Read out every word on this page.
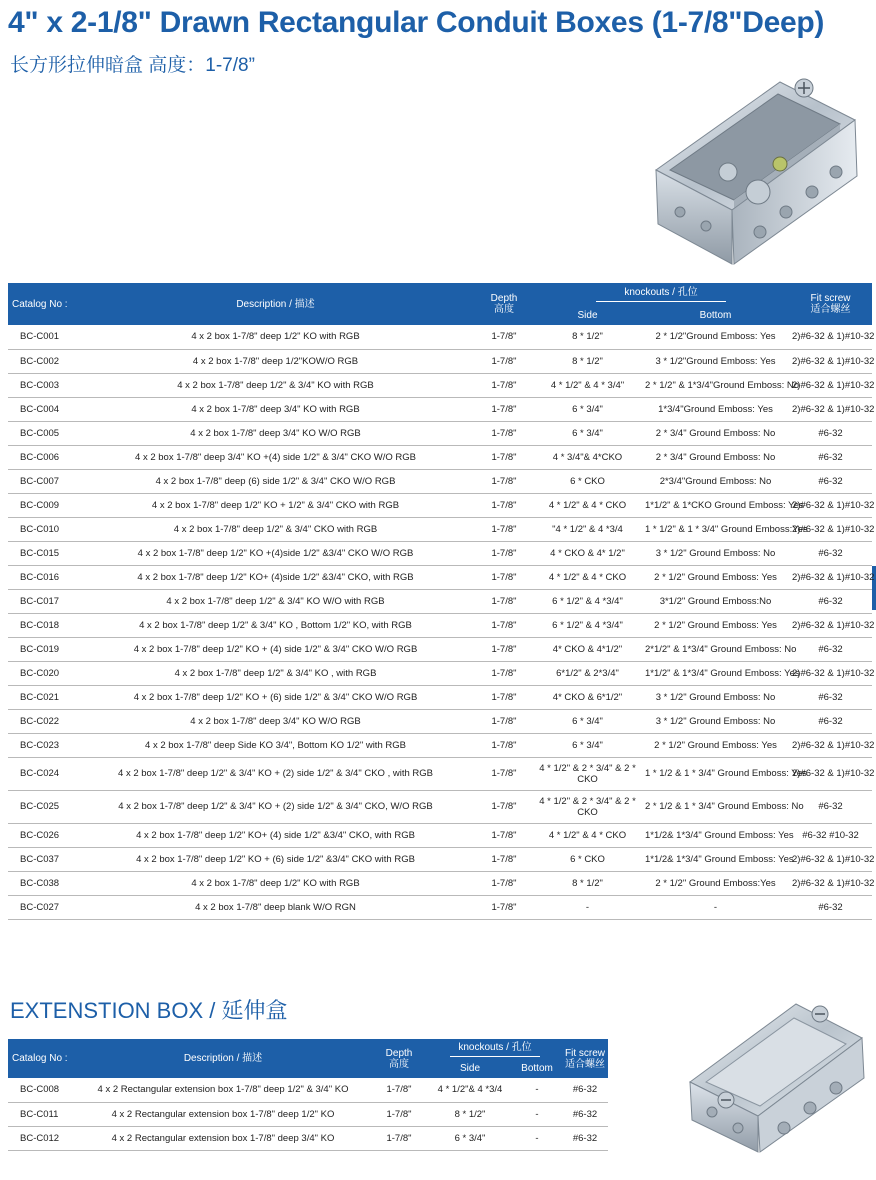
4" x 2-1/8" Drawn Rectangular Conduit Boxes (1-7/8"Deep)
长方形拉伸暗盒 高度：1-7/8”
Catalog No :	Description / 描述	Depth
高度	knockouts / 孔位		Fit screw
适合螺丝
			Side	Bottom	
BC-C001	4 x 2 box 1-7/8" deep 1/2" KO with RGB	1-7/8"	8 * 1/2"	2 * 1/2"Ground Emboss: Yes	2)#6-32 & 1)#10-32
BC-C002	4 x 2 box 1-7/8" deep 1/2"KOW/O RGB	1-7/8"	8 * 1/2"	3 * 1/2"Ground Emboss: Yes	2)#6-32 & 1)#10-32
BC-C003	4 x 2 box 1-7/8" deep 1/2" & 3/4" KO with RGB	1-7/8"	4 * 1/2" & 4 * 3/4"	2 * 1/2" & 1*3/4"Ground Emboss: No	2)#6-32 & 1)#10-32
BC-C004	4 x 2 box 1-7/8" deep 3/4" KO with RGB	1-7/8"	6 * 3/4"	1*3/4"Ground Emboss: Yes	2)#6-32 & 1)#10-32
BC-C005	4 x 2 box 1-7/8" deep 3/4" KO W/O RGB	1-7/8"	6 * 3/4"	2 * 3/4" Ground Emboss: No	#6-32
BC-C006	4 x 2 box 1-7/8" deep 3/4" KO +(4) side 1/2" & 3/4" CKO W/O RGB	1-7/8"	4 * 3/4"& 4*CKO	2 * 3/4" Ground Emboss: No	#6-32
BC-C007	4 x 2 box 1-7/8" deep (6) side 1/2" & 3/4" CKO W/O RGB	1-7/8"	6 * CKO	2*3/4"Ground Emboss: No	#6-32
BC-C009	4 x 2 box 1-7/8" deep 1/2" KO + 1/2" & 3/4" CKO with RGB	1-7/8"	4 * 1/2" & 4 * CKO	1*1/2" & 1*CKO Ground Emboss: Yes	2)#6-32 & 1)#10-32
BC-C010	4 x 2 box 1-7/8" deep 1/2" & 3/4" CKO with RGB	1-7/8"	"4 * 1/2" & 4 *3/4	1 * 1/2" & 1 * 3/4" Ground Emboss:Yes	2)#6-32 & 1)#10-32
BC-C015	4 x 2 box 1-7/8" deep 1/2" KO +(4)side 1/2" &3/4" CKO W/O RGB	1-7/8"	4 * CKO & 4* 1/2"	3 * 1/2" Ground Emboss: No	#6-32
BC-C016	4 x 2 box 1-7/8" deep 1/2" KO+ (4)side 1/2" &3/4" CKO, with RGB	1-7/8"	4 * 1/2" & 4 * CKO	2 * 1/2" Ground Emboss: Yes	2)#6-32 & 1)#10-32
BC-C017	4 x 2 box 1-7/8" deep 1/2" & 3/4" KO W/O with RGB	1-7/8"	6 * 1/2" & 4 *3/4"	3*1/2" Ground Emboss:No	#6-32
BC-C018	4 x 2 box 1-7/8" deep 1/2" & 3/4" KO , Bottom 1/2" KO, with RGB	1-7/8"	6 * 1/2" & 4 *3/4"	2 * 1/2" Ground Emboss: Yes	2)#6-32 & 1)#10-32
BC-C019	4 x 2 box 1-7/8" deep 1/2" KO + (4) side 1/2" & 3/4" CKO W/O RGB	1-7/8"	4* CKO & 4*1/2"	2*1/2" & 1*3/4" Ground Emboss: No	#6-32
BC-C020	4 x 2 box 1-7/8" deep 1/2" & 3/4" KO , with RGB	1-7/8"	6*1/2" & 2*3/4"	1*1/2" & 1*3/4" Ground Emboss: Yes	2)#6-32 & 1)#10-32
BC-C021	4 x 2 box 1-7/8" deep 1/2" KO + (6) side 1/2" & 3/4" CKO W/O RGB	1-7/8"	4* CKO & 6*1/2"	3 * 1/2" Ground Emboss: No	#6-32
BC-C022	4 x 2 box 1-7/8" deep 3/4" KO W/O RGB	1-7/8"	6 * 3/4"	3 * 1/2" Ground Emboss: No	#6-32
BC-C023	4 x 2 box 1-7/8" deep Side KO 3/4", Bottom KO 1/2" with RGB	1-7/8"	6 * 3/4"	2 * 1/2" Ground Emboss: Yes	2)#6-32 & 1)#10-32
BC-C024	4 x 2 box 1-7/8" deep 1/2" & 3/4" KO + (2) side 1/2" & 3/4" CKO , with RGB	1-7/8"	4 * 1/2" & 2 * 3/4" & 2 * CKO	1 * 1/2 & 1 * 3/4" Ground Emboss: Yes	2)#6-32 & 1)#10-32
BC-C025	4 x 2 box 1-7/8" deep 1/2" & 3/4" KO + (2) side 1/2" & 3/4" CKO, W/O RGB	1-7/8"	4 * 1/2" & 2 * 3/4" & 2 * CKO	2 * 1/2 & 1 * 3/4" Ground Emboss: No	#6-32
BC-C026	4 x 2 box 1-7/8" deep 1/2" KO+ (4) side 1/2" &3/4" CKO, with RGB	1-7/8"	4 * 1/2" & 4 * CKO	1*1/2& 1*3/4" Ground Emboss: Yes	#6-32 #10-32
BC-C037	4 x 2 box 1-7/8" deep 1/2" KO + (6) side 1/2" &3/4" CKO with RGB	1-7/8"	6 * CKO	1*1/2& 1*3/4" Ground Emboss: Yes	2)#6-32 & 1)#10-32
BC-C038	4 x 2 box 1-7/8" deep 1/2" KO with RGB	1-7/8"	8 * 1/2"	2 * 1/2" Ground Emboss:Yes	2)#6-32 & 1)#10-32
BC-C027	4 x 2 box 1-7/8" deep blank W/O RGN	1-7/8"	-	-	#6-32
EXTENSTION BOX / 延伸盒
Catalog No :	Description / 描述	Depth
高度	knockouts / 孔位		Fit screw
适合螺丝
			Side	Bottom	
BC-C008	4 x 2 Rectangular extension box 1-7/8" deep 1/2" & 3/4" KO	1-7/8"	4 * 1/2"& 4 *3/4	-	#6-32
BC-C011	4 x 2 Rectangular extension box 1-7/8" deep 1/2" KO	1-7/8"	8 * 1/2"	-	#6-32
BC-C012	4 x 2 Rectangular extension box 1-7/8" deep 3/4" KO	1-7/8"	6 * 3/4"	-	#6-32
